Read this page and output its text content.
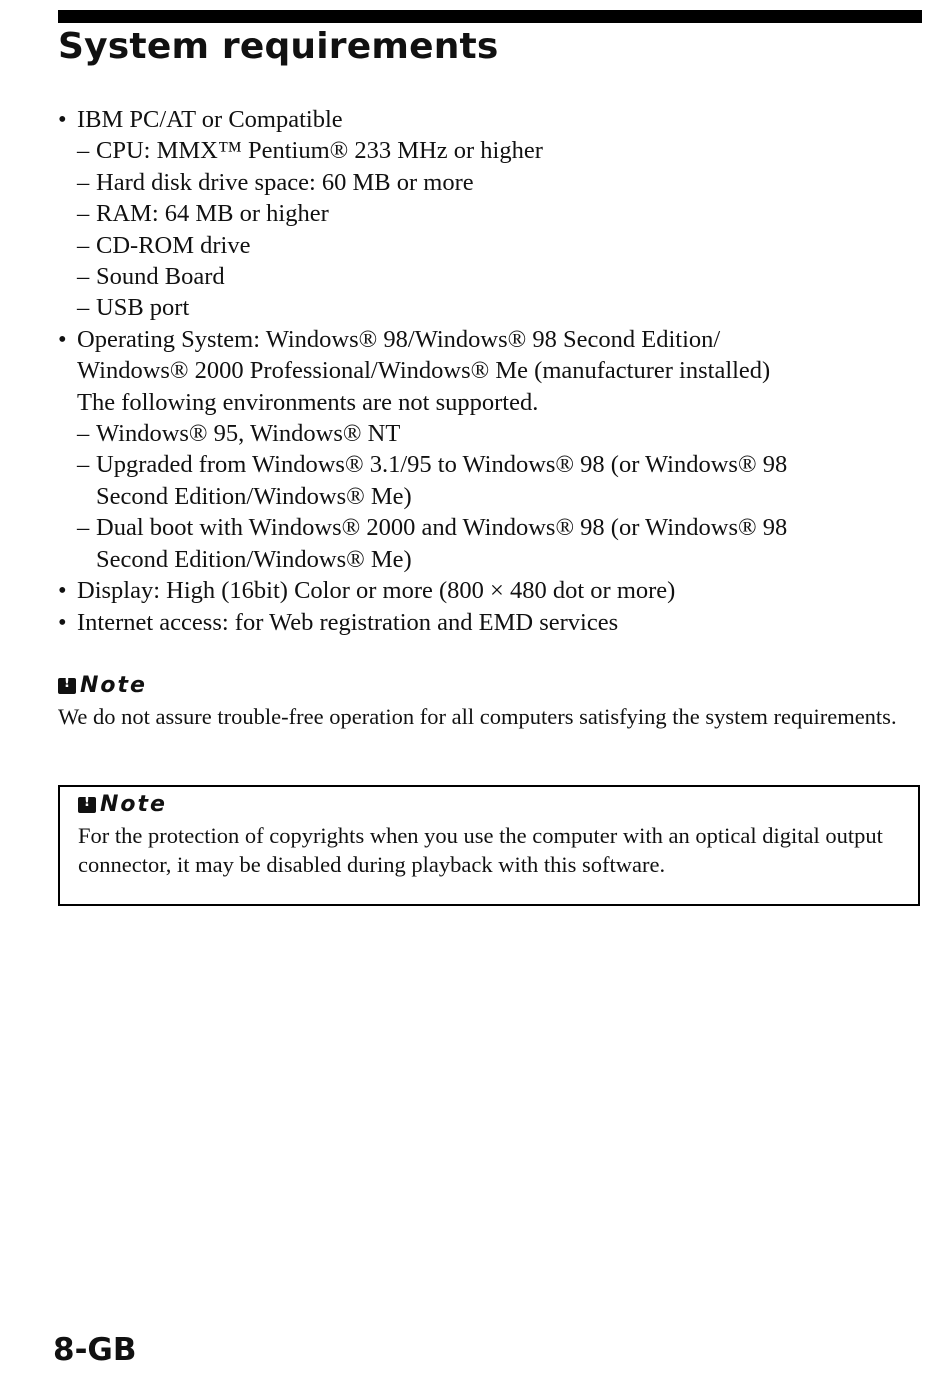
System requirements
• IBM PC/AT or Compatible
– CPU: MMX™ Pentium® 233 MHz or higher
– Hard disk drive space: 60 MB or more
– RAM: 64 MB or higher
– CD-ROM drive
– Sound Board
– USB port
• Operating System: Windows® 98/Windows® 98 Second Edition/
Windows® 2000 Professional/Windows® Me (manufacturer installed)
The following environments are not supported.
– Windows® 95, Windows® NT
– Upgraded from Windows® 3.1/95 to Windows® 98 (or Windows® 98
Second Edition/Windows® Me)
– Dual boot with Windows® 2000 and Windows® 98 (or Windows® 98
Second Edition/Windows® Me)
• Display: High (16bit) Color or more (800 × 480 dot or more)
• Internet access: for Web registration and EMD services
!
Note
We do not assure trouble-free operation for all computers satisfying the system requirements.
!
Note
For the protection of copyrights when you use the computer with an optical digital output connector, it may be disabled during playback with this software.
8-GB
